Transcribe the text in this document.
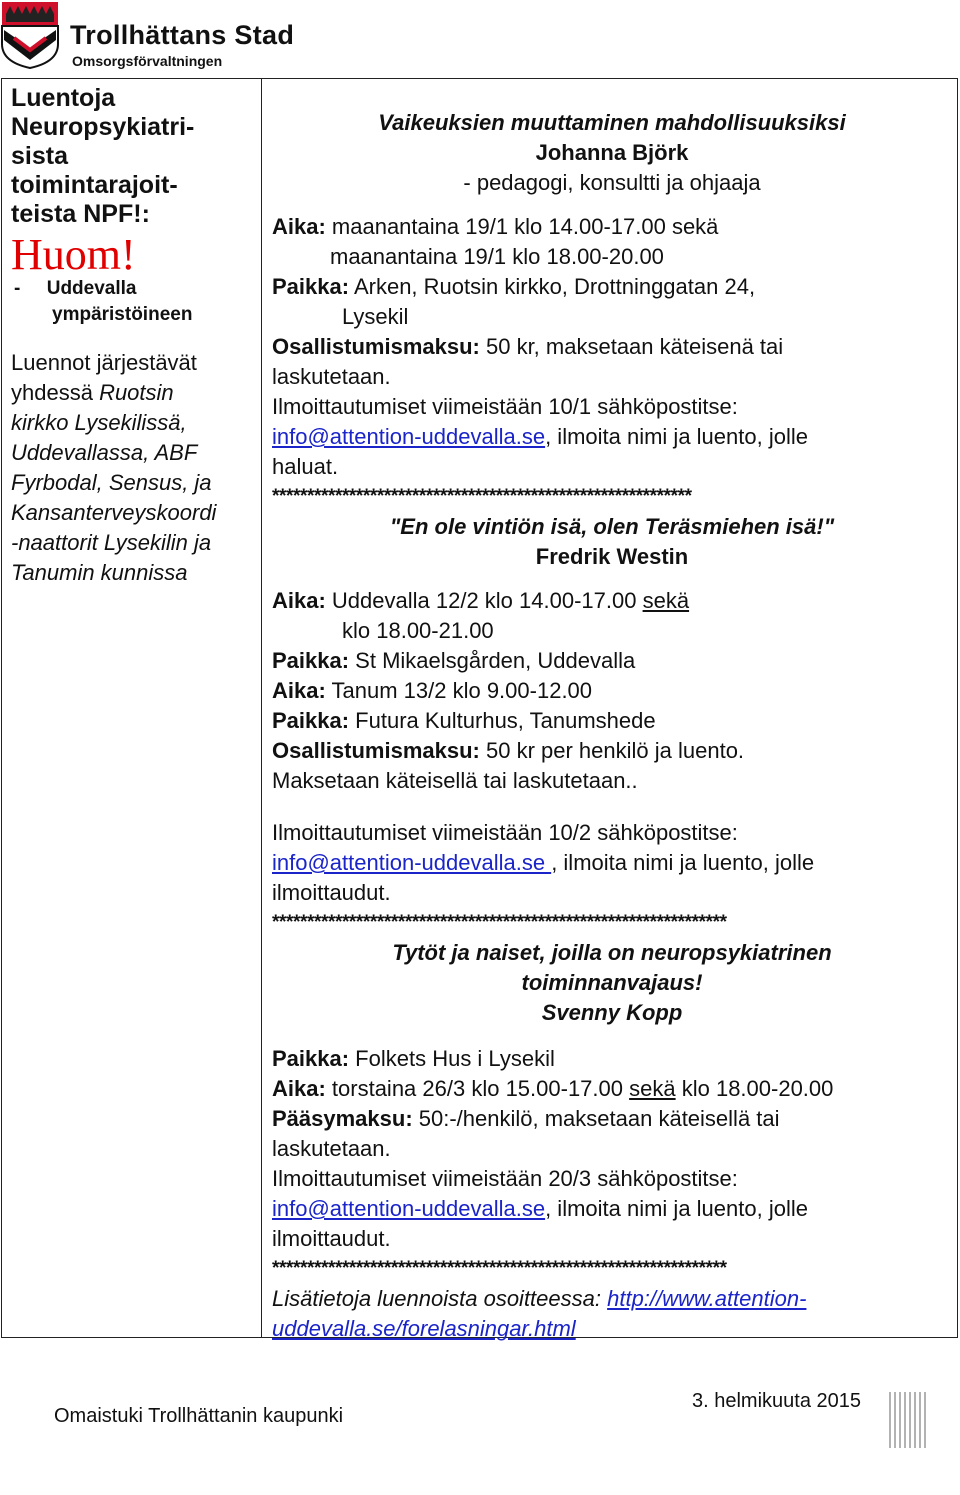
Trollhättans Stad
Omsorgsförvaltningen
Luentoja
Neuropsykiatri-
sista
toimintarajoit-
teista NPF!:
Huom!
- Uddevalla
ympäristöineen
Luennot järjestävät
yhdessä Ruotsin
kirkko Lysekilissä,
Uddevallassa, ABF
Fyrbodal, Sensus, ja
Kansanterveyskoordi
-naattorit Lysekilin ja
Tanumin kunnissa
Vaikeuksien muuttaminen mahdollisuuksiksi
Johanna Björk
- pedagogi, konsultti ja ohjaaja
Aika: maanantaina 19/1 klo 14.00-17.00 sekä
maanantaina 19/1 klo 18.00-20.00
Paikka: Arken, Ruotsin kirkko, Drottninggatan 24,
Lysekil
Osallistumismaksu: 50 kr, maksetaan käteisenä tai
laskutetaan.
Ilmoittautumiset viimeistään 10/1 sähköpostitse:
info@attention-uddevalla.se, ilmoita nimi ja luento, jolle
haluat.
************************************************************
"En ole vintiön isä, olen Teräsmiehen isä!"
Fredrik Westin
Aika: Uddevalla 12/2 klo 14.00-17.00 sekä
klo 18.00-21.00
Paikka: St Mikaelsgården, Uddevalla
Aika: Tanum 13/2 klo 9.00-12.00
Paikka: Futura Kulturhus, Tanumshede
Osallistumismaksu: 50 kr per henkilö ja luento.
Maksetaan käteisellä tai laskutetaan..
Ilmoittautumiset viimeistään 10/2 sähköpostitse:
info@attention-uddevalla.se , ilmoita nimi ja luento, jolle
ilmoittaudut.
*****************************************************************
Tytöt ja naiset, joilla on neuropsykiatrinen
toiminnanvajaus!
Svenny Kopp
Paikka: Folkets Hus i Lysekil
Aika: torstaina 26/3 klo 15.00-17.00 sekä klo 18.00-20.00
Pääsymaksu: 50:-/henkilö, maksetaan käteisellä tai
laskutetaan.
Ilmoittautumiset viimeistään 20/3 sähköpostitse:
info@attention-uddevalla.se, ilmoita nimi ja luento, jolle
ilmoittaudut.
*****************************************************************
Lisätietoja luennoista osoitteessa: http://www.attention-
uddevalla.se/forelasningar.html
Omaistuki Trollhättanin kaupunki
3. helmikuuta 2015
